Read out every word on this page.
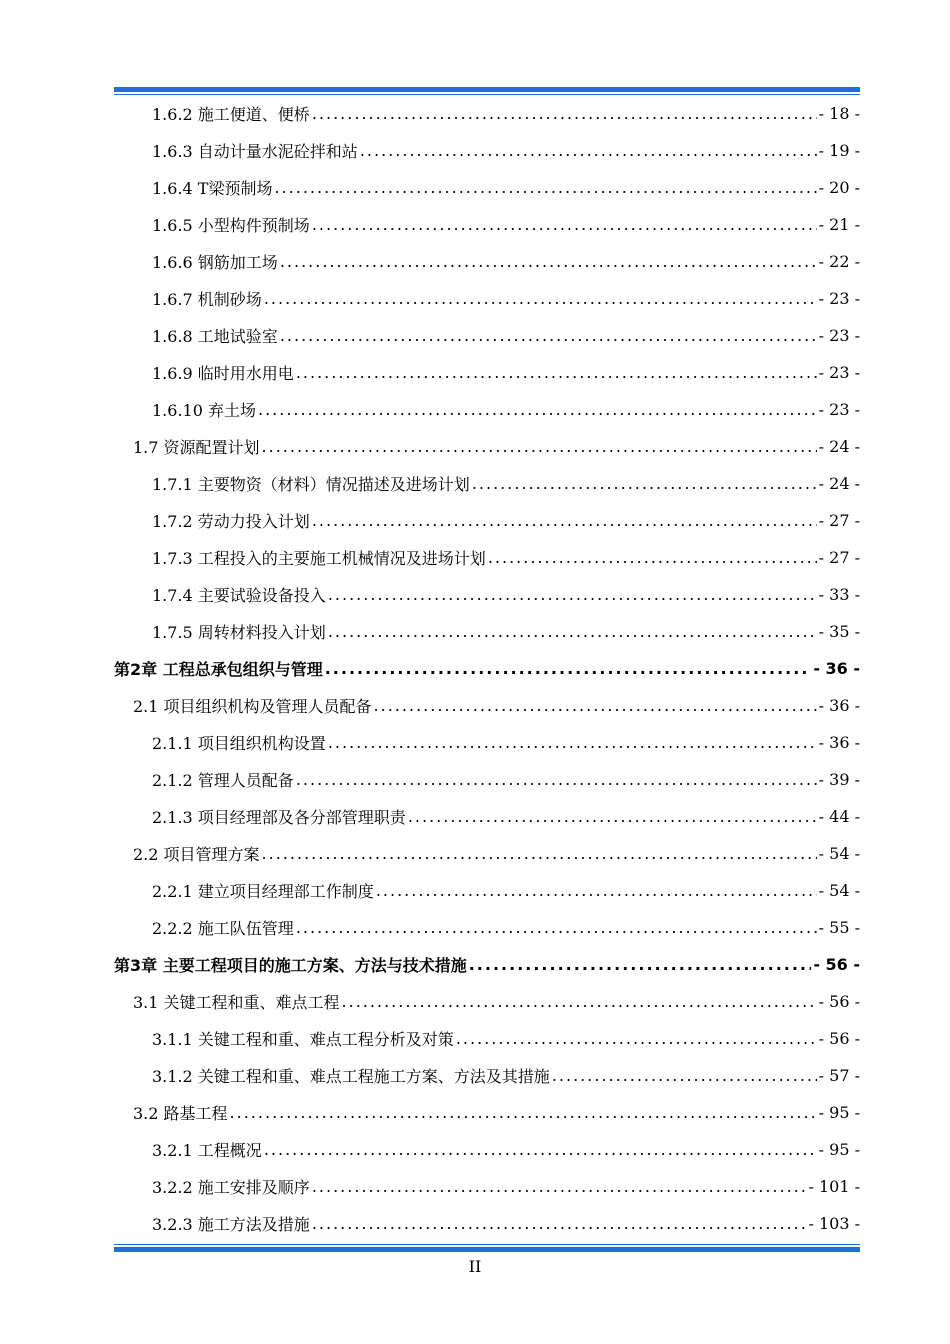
1.6.2 施工便道、便桥 .....	- 18 -
1.6.3 自动计量水泥砼拌和站 .....	- 19 -
1.6.4 T梁预制场 .....	- 20 -
1.6.5 小型构件预制场 .....	- 21 -
1.6.6 钢筋加工场 .....	- 22 -
1.6.7 机制砂场 .....	- 23 -
1.6.8 工地试验室 .....	- 23 -
1.6.9 临时用水用电 .....	- 23 -
1.6.10 弃土场 .....	- 23 -
1.7 资源配置计划 .....	- 24 -
1.7.1 主要物资（材料）情况描述及进场计划 .....	- 24 -
1.7.2 劳动力投入计划 .....	- 27 -
1.7.3 工程投入的主要施工机械情况及进场计划 .....	- 27 -
1.7.4 主要试验设备投入 .....	- 33 -
1.7.5 周转材料投入计划 .....	- 35 -
第2章 工程总承包组织与管理 .....	- 36 -
2.1 项目组织机构及管理人员配备 .....	- 36 -
2.1.1 项目组织机构设置 .....	- 36 -
2.1.2 管理人员配备 .....	- 39 -
2.1.3 项目经理部及各分部管理职责 .....	- 44 -
2.2 项目管理方案 .....	- 54 -
2.2.1 建立项目经理部工作制度 .....	- 54 -
2.2.2 施工队伍管理 .....	- 55 -
第3章 主要工程项目的施工方案、方法与技术措施 .....	- 56 -
3.1 关键工程和重、难点工程 .....	- 56 -
3.1.1 关键工程和重、难点工程分析及对策 .....	- 56 -
3.1.2 关键工程和重、难点工程施工方案、方法及其措施 .....	- 57 -
3.2 路基工程 .....	- 95 -
3.2.1 工程概况 .....	- 95 -
3.2.2 施工安排及顺序 .....	- 101 -
3.2.3 施工方法及措施 .....	- 103 -
II
